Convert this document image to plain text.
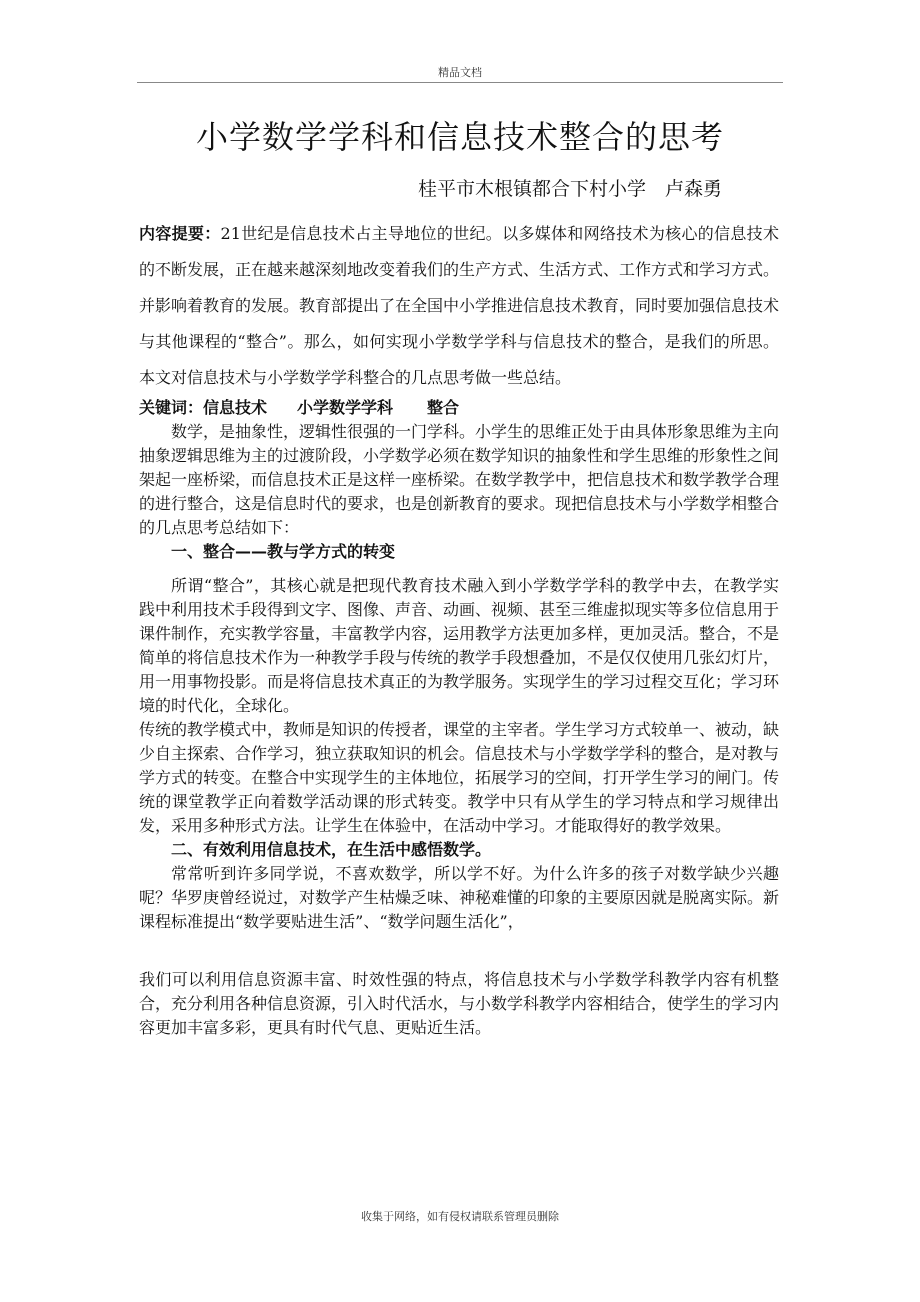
精品文档
小学数学学科和信息技术整合的思考
桂平市木根镇都合下村小学　卢森勇

内容提要：21世纪是信息技术占主导地位的世纪。以多媒体和网络技术为核心的信息技术的不断发展，正在越来越深刻地改变着我们的生产方式、生活方式、工作方式和学习方式。并影响着教育的发展。教育部提出了在全国中小学推进信息技术教育，同时要加强信息技术与其他课程的“整合”。那么，如何实现小学数学学科与信息技术的整合，是我们的所思。本文对信息技术与小学数学学科整合的几点思考做一些总结。

关键词：信息技术 小学数学学科 整合

数学，是抽象性，逻辑性很强的一门学科。小学生的思维正处于由具体形象思维为主向抽象逻辑思维为主的过渡阶段，小学数学必须在数学知识的抽象性和学生思维的形象性之间架起一座桥梁，而信息技术正是这样一座桥梁。在数学教学中，把信息技术和数学教学合理的进行整合，这是信息时代的要求，也是创新教育的要求。现把信息技术与小学数学相整合的几点思考总结如下：

一、整合——教与学方式的转变

所谓“整合”，其核心就是把现代教育技术融入到小学数学学科的教学中去，在教学实践中利用技术手段得到文字、图像、声音、动画、视频、甚至三维虚拟现实等多位信息用于课件制作，充实教学容量，丰富教学内容，运用教学方法更加多样，更加灵活。整合，不是简单的将信息技术作为一种教学手段与传统的教学手段想叠加，不是仅仅使用几张幻灯片，用一用事物投影。而是将信息技术真正的为教学服务。实现学生的学习过程交互化；学习环境的时代化，全球化。

传统的教学模式中，教师是知识的传授者，课堂的主宰者。学生学习方式较单一、被动，缺少自主探索、合作学习，独立获取知识的机会。信息技术与小学数学学科的整合，是对教与学方式的转变。在整合中实现学生的主体地位，拓展学习的空间，打开学生学习的闸门。传统的课堂教学正向着数学活动课的形式转变。教学中只有从学生的学习特点和学习规律出发，采用多种形式方法。让学生在体验中，在活动中学习。才能取得好的教学效果。

二、有效利用信息技术，在生活中感悟数学。

常常听到许多同学说，不喜欢数学，所以学不好。为什么许多的孩子对数学缺少兴趣呢？华罗庚曾经说过，对数学产生枯燥乏味、神秘难懂的印象的主要原因就是脱离实际。新课程标准提出“数学要贴进生活”、“数学问题生活化”，

我们可以利用信息资源丰富、时效性强的特点，将信息技术与小学数学科教学内容有机整合，充分利用各种信息资源，引入时代活水，与小数学科教学内容相结合，使学生的学习内容更加丰富多彩，更具有时代气息、更贴近生活。

收集于网络，如有侵权请联系管理员删除
